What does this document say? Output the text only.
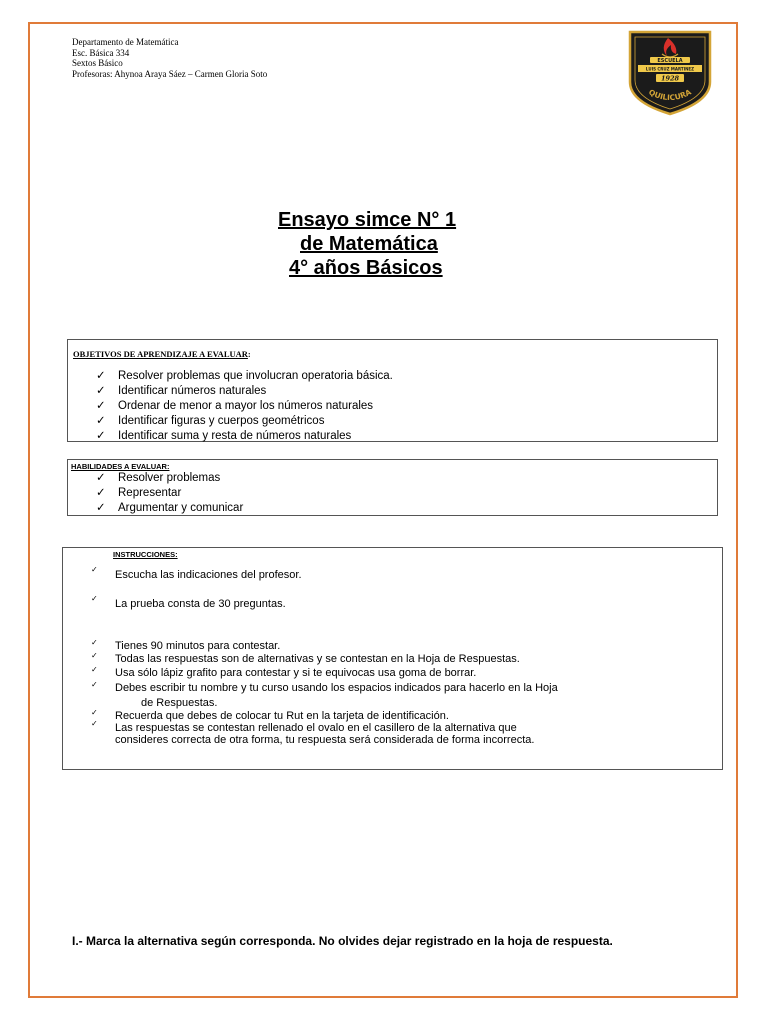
Departamento de Matemática
Esc. Básica 334
Sextos Básico
Profesoras: Ahynoa Araya Sáez – Carmen Gloria Soto
ESCUELA
LUIS CRUZ MARTINEZ
1928
QUILICURA
Ensayo simce N° 1
de Matemática
4° años Básicos
OBJETIVOS DE APRENDIZAJE A EVALUAR:
✓ Resolver problemas que involucran operatoria básica.
✓ Identificar números naturales
✓ Ordenar de menor a mayor los números naturales
✓ Identificar figuras y cuerpos geométricos
✓ Identificar suma y resta de números naturales
HABILIDADES A EVALUAR:
✓ Resolver problemas
✓ Representar
✓ Argumentar y comunicar
INSTRUCCIONES:
✓ Escucha las indicaciones del profesor.
✓ La prueba consta de 30 preguntas.
✓ Tienes 90 minutos para contestar.
✓ Todas las respuestas son de alternativas y se contestan en la Hoja de Respuestas.
✓ Usa sólo lápiz grafito para contestar y si te equivocas usa goma de borrar.
✓ Debes escribir tu nombre y tu curso usando los espacios indicados para hacerlo en la Hoja
de Respuestas.
✓ Recuerda que debes de colocar tu Rut en la tarjeta de identificación.
✓ Las respuestas se contestan rellenado el ovalo en el casillero de la alternativa que
consideres correcta de otra forma, tu respuesta será considerada de forma incorrecta.
I.- Marca la alternativa según corresponda. No olvides dejar registrado en la hoja de respuesta.
